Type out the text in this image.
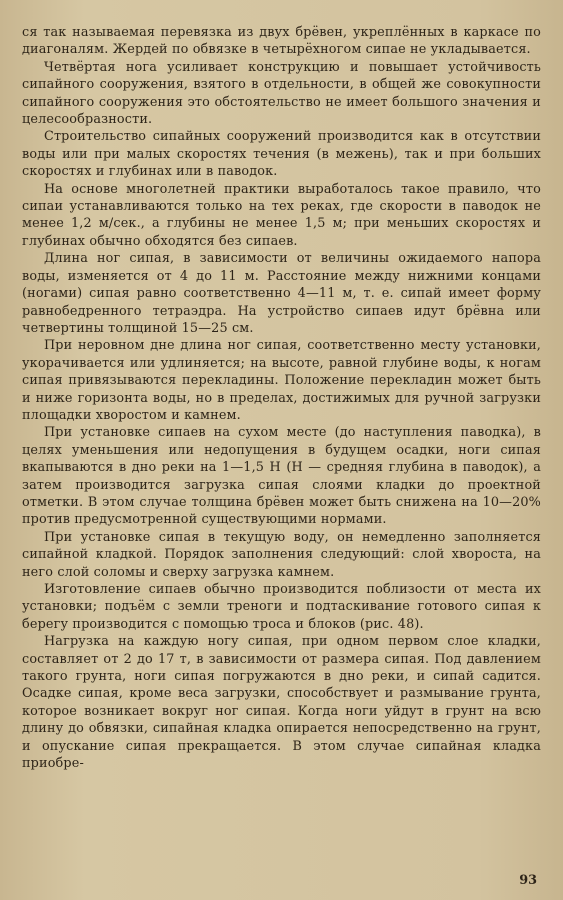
ся так называемая перевязка из двух брёвен, укреплённых в каркасе по диагоналям. Жердей по обвязке в четырёхногом сипае не укладывается.

Четвёртая нога усиливает конструкцию и повышает устойчивость сипайного сооружения, взятого в отдельности, в общей же совокупности сипайного сооружения это обстоятельство не имеет большого значения и целесообразности.

Строительство сипайных сооружений производится как в отсутствии воды или при малых скоростях течения (в межень), так и при больших скоростях и глубинах или в паводок.

На основе многолетней практики выработалось такое правило, что сипаи устанавливаются только на тех реках, где скорости в паводок не менее 1,2 м/сек., а глубины не менее 1,5 м; при меньших скоростях и глубинах обычно обходятся без сипаев.

Длина ног сипая, в зависимости от величины ожидаемого напора воды, изменяется от 4 до 11 м. Расстояние между нижними концами (ногами) сипая равно соответственно 4—11 м, т. е. сипай имеет форму равнобедренного тетраэдра. На устройство сипаев идут брёвна или четвертины толщиной 15—25 см.

При неровном дне длина ног сипая, соответственно месту установки, укорачивается или удлиняется; на высоте, равной глубине воды, к ногам сипая привязываются перекладины. Положение перекладин может быть и ниже горизонта воды, но в пределах, достижимых для ручной загрузки площадки хворостом и камнем.

При установке сипаев на сухом месте (до наступления паводка), в целях уменьшения или недопущения в будущем осадки, ноги сипая вкапываются в дно реки на 1—1,5 H (H — средняя глубина в паводок), а затем производится загрузка сипая слоями кладки до проектной отметки. В этом случае толщина брёвен может быть снижена на 10—20% против предусмотренной существующими нормами.

При установке сипая в текущую воду, он немедленно заполняется сипайной кладкой. Порядок заполнения следующий: слой хвороста, на него слой соломы и сверху загрузка камнем.

Изготовление сипаев обычно производится поблизости от места их установки; подъём с земли треноги и подтаскивание готового сипая к берегу производится с помощью троса и блоков (рис. 48).

Нагрузка на каждую ногу сипая, при одном первом слое кладки, составляет от 2 до 17 т, в зависимости от размера сипая. Под давлением такого грунта, ноги сипая погружаются в дно реки, и сипай садится. Осадке сипая, кроме веса загрузки, способствует и размывание грунта, которое возникает вокруг ног сипая. Когда ноги уйдут в грунт на всю длину до обвязки, сипайная кладка опирается непосредственно на грунт, и опускание сипая прекращается. В этом случае сипайная кладка приобре-

93
